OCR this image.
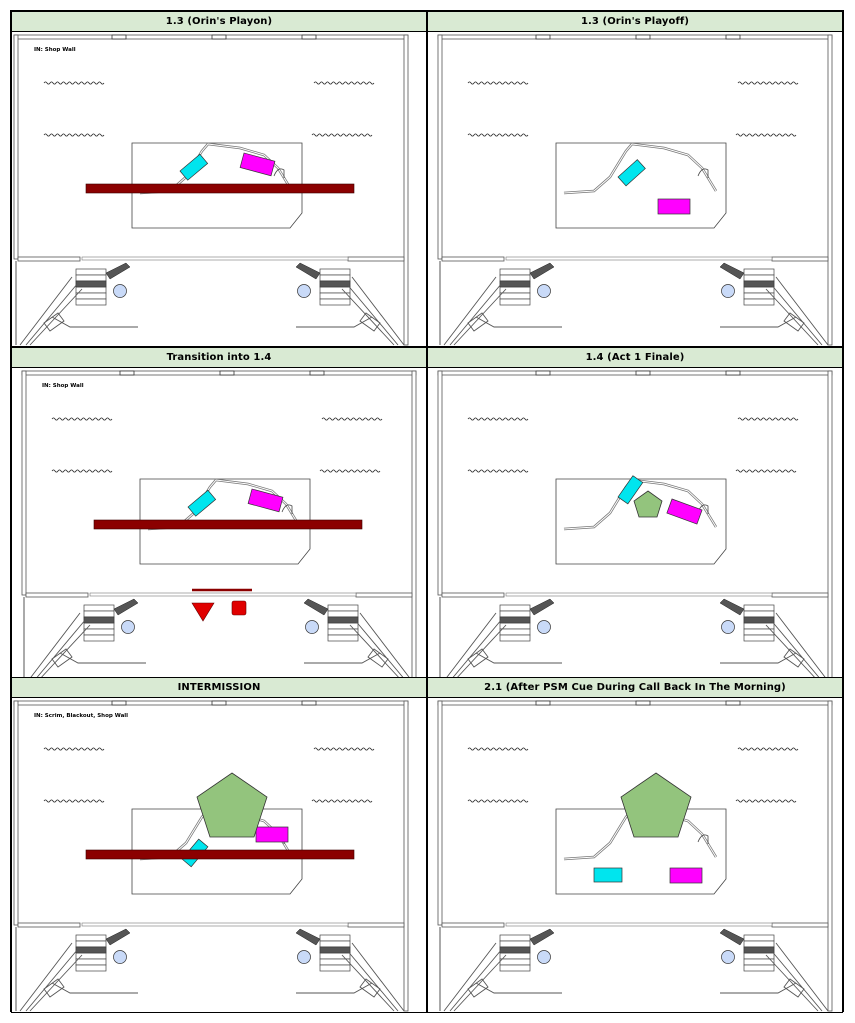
1.3 (Orin's Playon)
IN: Shop Wall
1.3 (Orin's Playoff)
Transition into 1.4
IN: Shop Wall
1.4 (Act 1 Finale)
INTERMISSION
IN: Scrim, Blackout, Shop Wall
2.1 (After PSM Cue During Call Back In The Morning)
